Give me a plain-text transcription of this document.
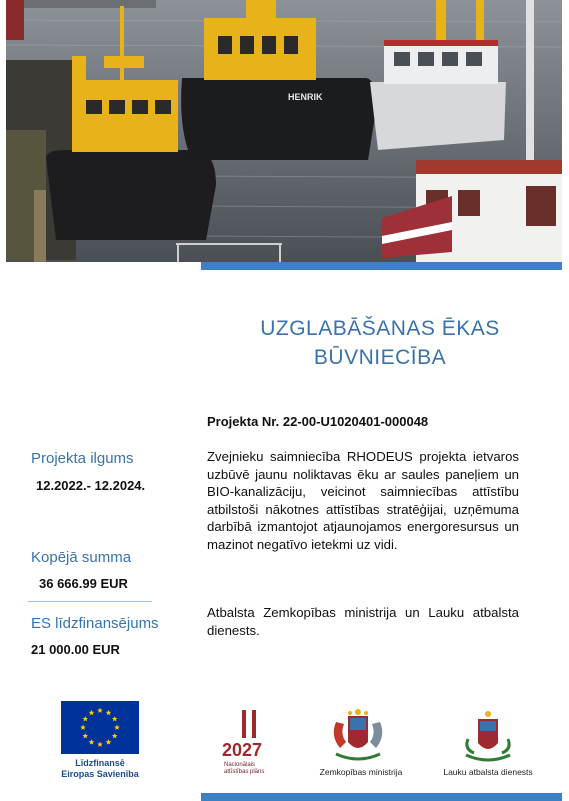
HENRIK
UZGLABĀŠANAS ĒKAS
BŪVNIECĪBA
Projekta Nr. 22-00-U1020401-000048
Zvejnieku saimniecība RHODEUS projekta ietvaros uzbūvē jaunu noliktavas ēku ar saules paneļiem un BIO-kanalizāciju, veicinot saimniecības attīstību atbilstoši nākotnes attīstības stratēģijai, uzņēmuma darbībā izmantojot atjaunojamos energoresursus un mazinot negatīvo ietekmi uz vidi.
Atbalsta Zemkopības ministrija un Lauku atbalsta dienests.
Projekta ilgums
12.2022.- 12.2024.
Kopējā summa
36 666.99 EUR
ES līdzfinansējums
21 000.00 EUR
Līdzfinansē
Eiropas Savienība
2027
Nacionālais
attīstības plāns	Zemkopības ministrija	Lauku atbalsta dienests
